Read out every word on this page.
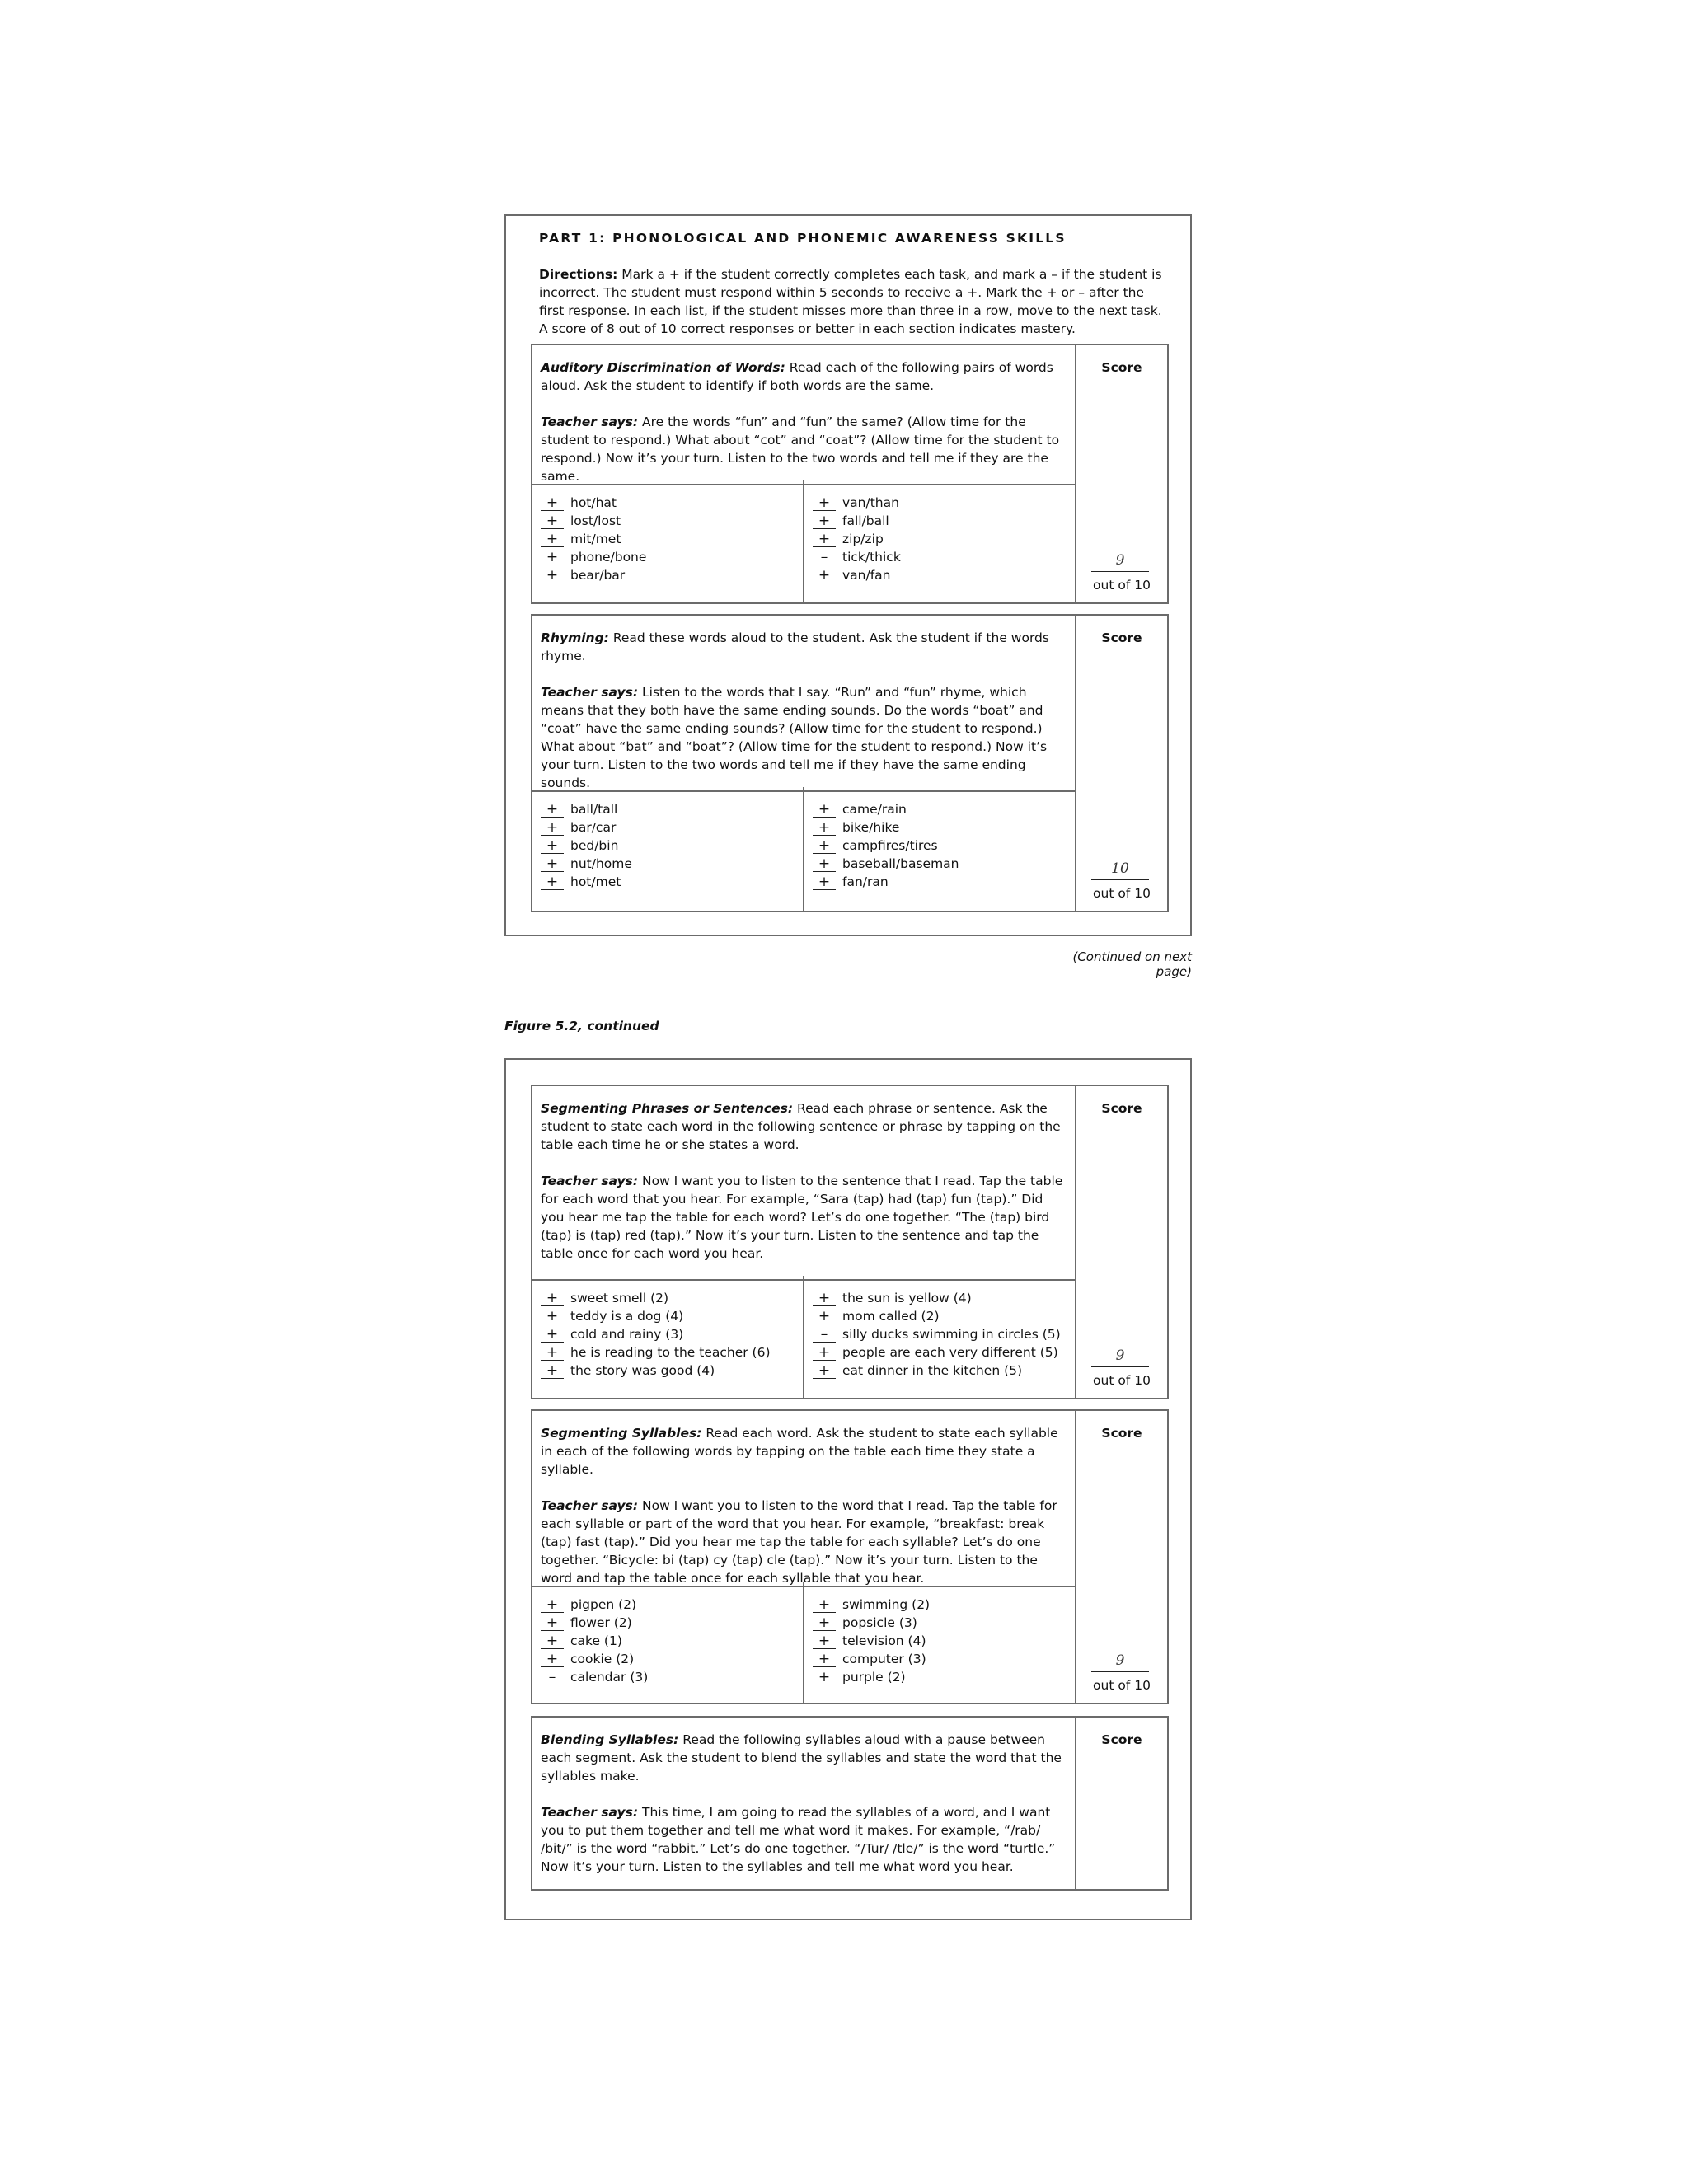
PART 1: PHONOLOGICAL AND PHONEMIC AWARENESS SKILLS
Directions: Mark a + if the student correctly completes each task, and mark a – if the student is incorrect. The student must respond within 5 seconds to receive a +. Mark the + or – after the first response. In each list, if the student misses more than three in a row, move to the next task. A score of 8 out of 10 correct responses or better in each section indicates mastery.

Auditory Discrimination of Words: Read each of the following pairs of words aloud. Ask the student to identify if both words are the same.

Teacher says: Are the words “fun” and “fun” the same? (Allow time for the student to respond.) What about “cot” and “coat”? (Allow time for the student to respond.) Now it’s your turn. Listen to the two words and tell me if they are the same.

+ hot/hat
+ lost/lost
+ mit/met
+ phone/bone
+ bear/bar
+ van/than
+ fall/ball
+ zip/zip
– tick/thick
+ van/fan
Score
9
out of 10

Rhyming: Read these words aloud to the student. Ask the student if the words rhyme.

Teacher says: Listen to the words that I say. “Run” and “fun” rhyme, which means that they both have the same ending sounds. Do the words “boat” and “coat” have the same ending sounds? (Allow time for the student to respond.) What about “bat” and “boat”? (Allow time for the student to respond.) Now it’s your turn. Listen to the two words and tell me if they have the same ending sounds.

+ ball/tall
+ bar/car
+ bed/bin
+ nut/home
+ hot/met
+ came/rain
+ bike/hike
+ campfires/tires
+ baseball/baseman
+ fan/ran
Score
10
out of 10
(Continued on next page)
Figure 5.2, continued

Segmenting Phrases or Sentences: Read each phrase or sentence. Ask the student to state each word in the following sentence or phrase by tapping on the table each time he or she states a word.

Teacher says: Now I want you to listen to the sentence that I read. Tap the table for each word that you hear. For example, “Sara (tap) had (tap) fun (tap).” Did you hear me tap the table for each word? Let’s do one together. “The (tap) bird (tap) is (tap) red (tap).” Now it’s your turn. Listen to the sentence and tap the table once for each word you hear.

+ sweet smell (2)
+ teddy is a dog (4)
+ cold and rainy (3)
+ he is reading to the teacher (6)
+ the story was good (4)
+ the sun is yellow (4)
+ mom called (2)
– silly ducks swimming in circles (5)
+ people are each very different (5)
+ eat dinner in the kitchen (5)
Score
9
out of 10

Segmenting Syllables: Read each word. Ask the student to state each syllable in each of the following words by tapping on the table each time they state a syllable.

Teacher says: Now I want you to listen to the word that I read. Tap the table for each syllable or part of the word that you hear. For example, “breakfast: break (tap) fast (tap).” Did you hear me tap the table for each syllable? Let’s do one together. “Bicycle: bi (tap) cy (tap) cle (tap).” Now it’s your turn. Listen to the word and tap the table once for each syllable that you hear.

+ pigpen (2)
+ flower (2)
+ cake (1)
+ cookie (2)
– calendar (3)
+ swimming (2)
+ popsicle (3)
+ television (4)
+ computer (3)
+ purple (2)
Score
9
out of 10

Blending Syllables: Read the following syllables aloud with a pause between each segment. Ask the student to blend the syllables and state the word that the syllables make.

Teacher says: This time, I am going to read the syllables of a word, and I want you to put them together and tell me what word it makes. For example, “/rab/ /bit/” is the word “rabbit.” Let’s do one together. “/Tur/ /tle/” is the word “turtle.” Now it’s your turn. Listen to the syllables and tell me what word you hear.

Score
